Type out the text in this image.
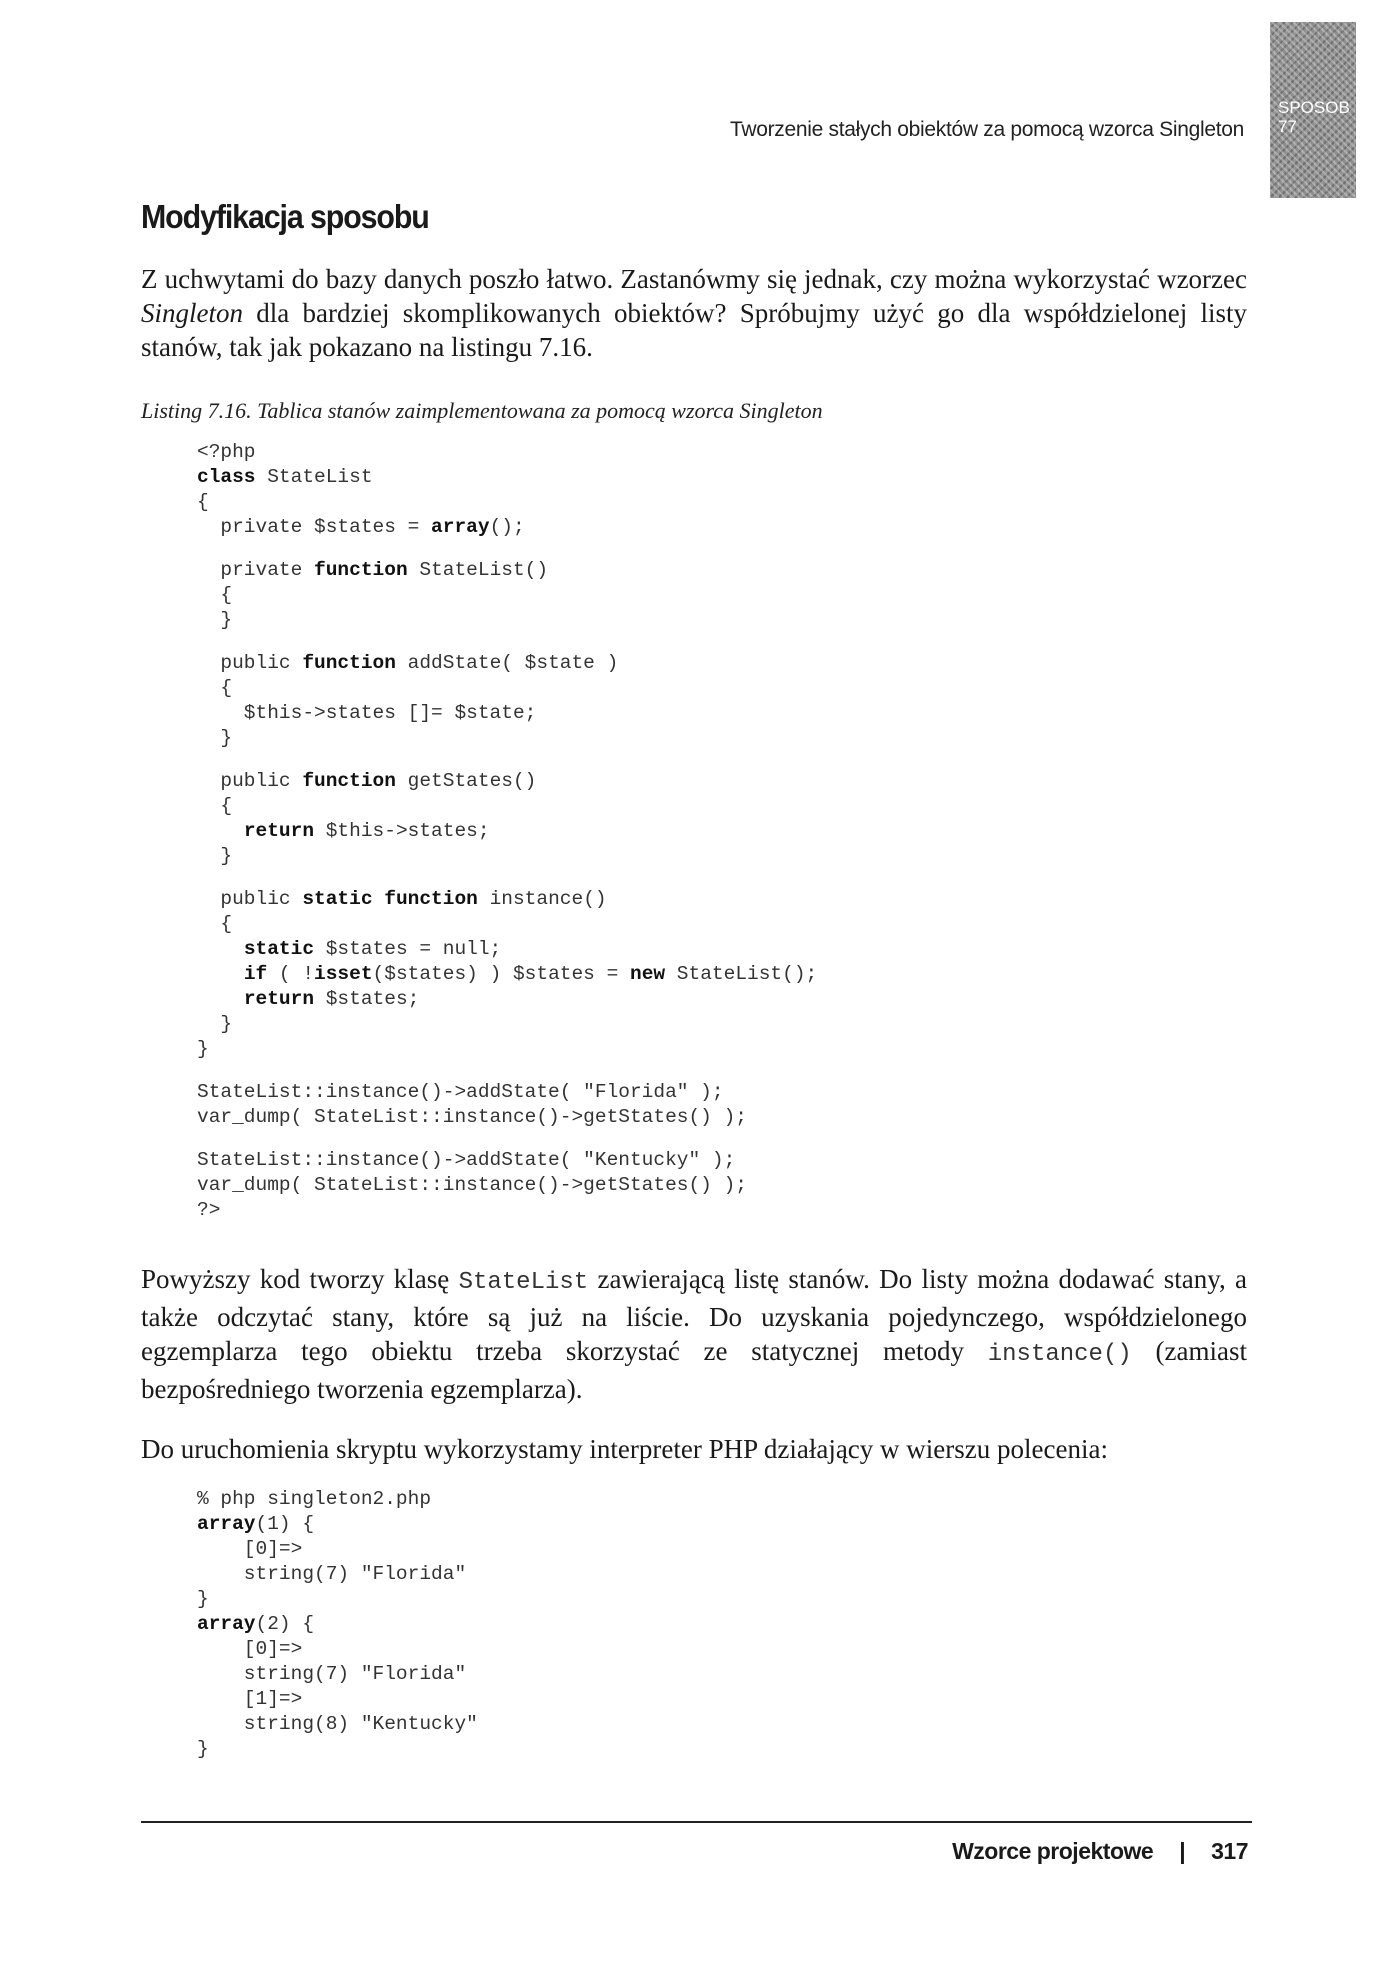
Tworzenie stałych obiektów za pomocą wzorca Singleton
SPOSOB
77
Modyfikacja sposobu

Z uchwytami do bazy danych poszło łatwo. Zastanówmy się jednak, czy można wykorzystać wzorzec Singleton dla bardziej skomplikowanych obiektów? Spróbujmy użyć go dla współdzielonej listy stanów, tak jak pokazano na listingu 7.16.

Listing 7.16. Tablica stanów zaimplementowana za pomocą wzorca Singleton

<?php
class StateList
{
private $states = array();
private function StateList()
{
}
public function addState( $state )
{
$this->states []= $state;
}
public function getStates()
{
return $this->states;
}
public static function instance()
{
static $states = null;
if ( !isset($states) ) $states = new StateList();
return $states;
}
}
StateList::instance()->addState( "Florida" );
var_dump( StateList::instance()->getStates() );
StateList::instance()->addState( "Kentucky" );
var_dump( StateList::instance()->getStates() );
?>

Powyższy kod tworzy klasę StateList zawierającą listę stanów. Do listy można dodawać stany, a także odczytać stany, które są już na liście. Do uzyskania pojedynczego, współdzielonego egzemplarza tego obiektu trzeba skorzystać ze statycznej metody instance() (zamiast bezpośredniego tworzenia egzemplarza).

Do uruchomienia skryptu wykorzystamy interpreter PHP działający w wierszu polecenia:

% php singleton2.php
array(1) {
[0]=>
string(7) "Florida"
}
array(2) {
[0]=>
string(7) "Florida"
[1]=>
string(8) "Kentucky"
}
Wzorce projektowe | 317
